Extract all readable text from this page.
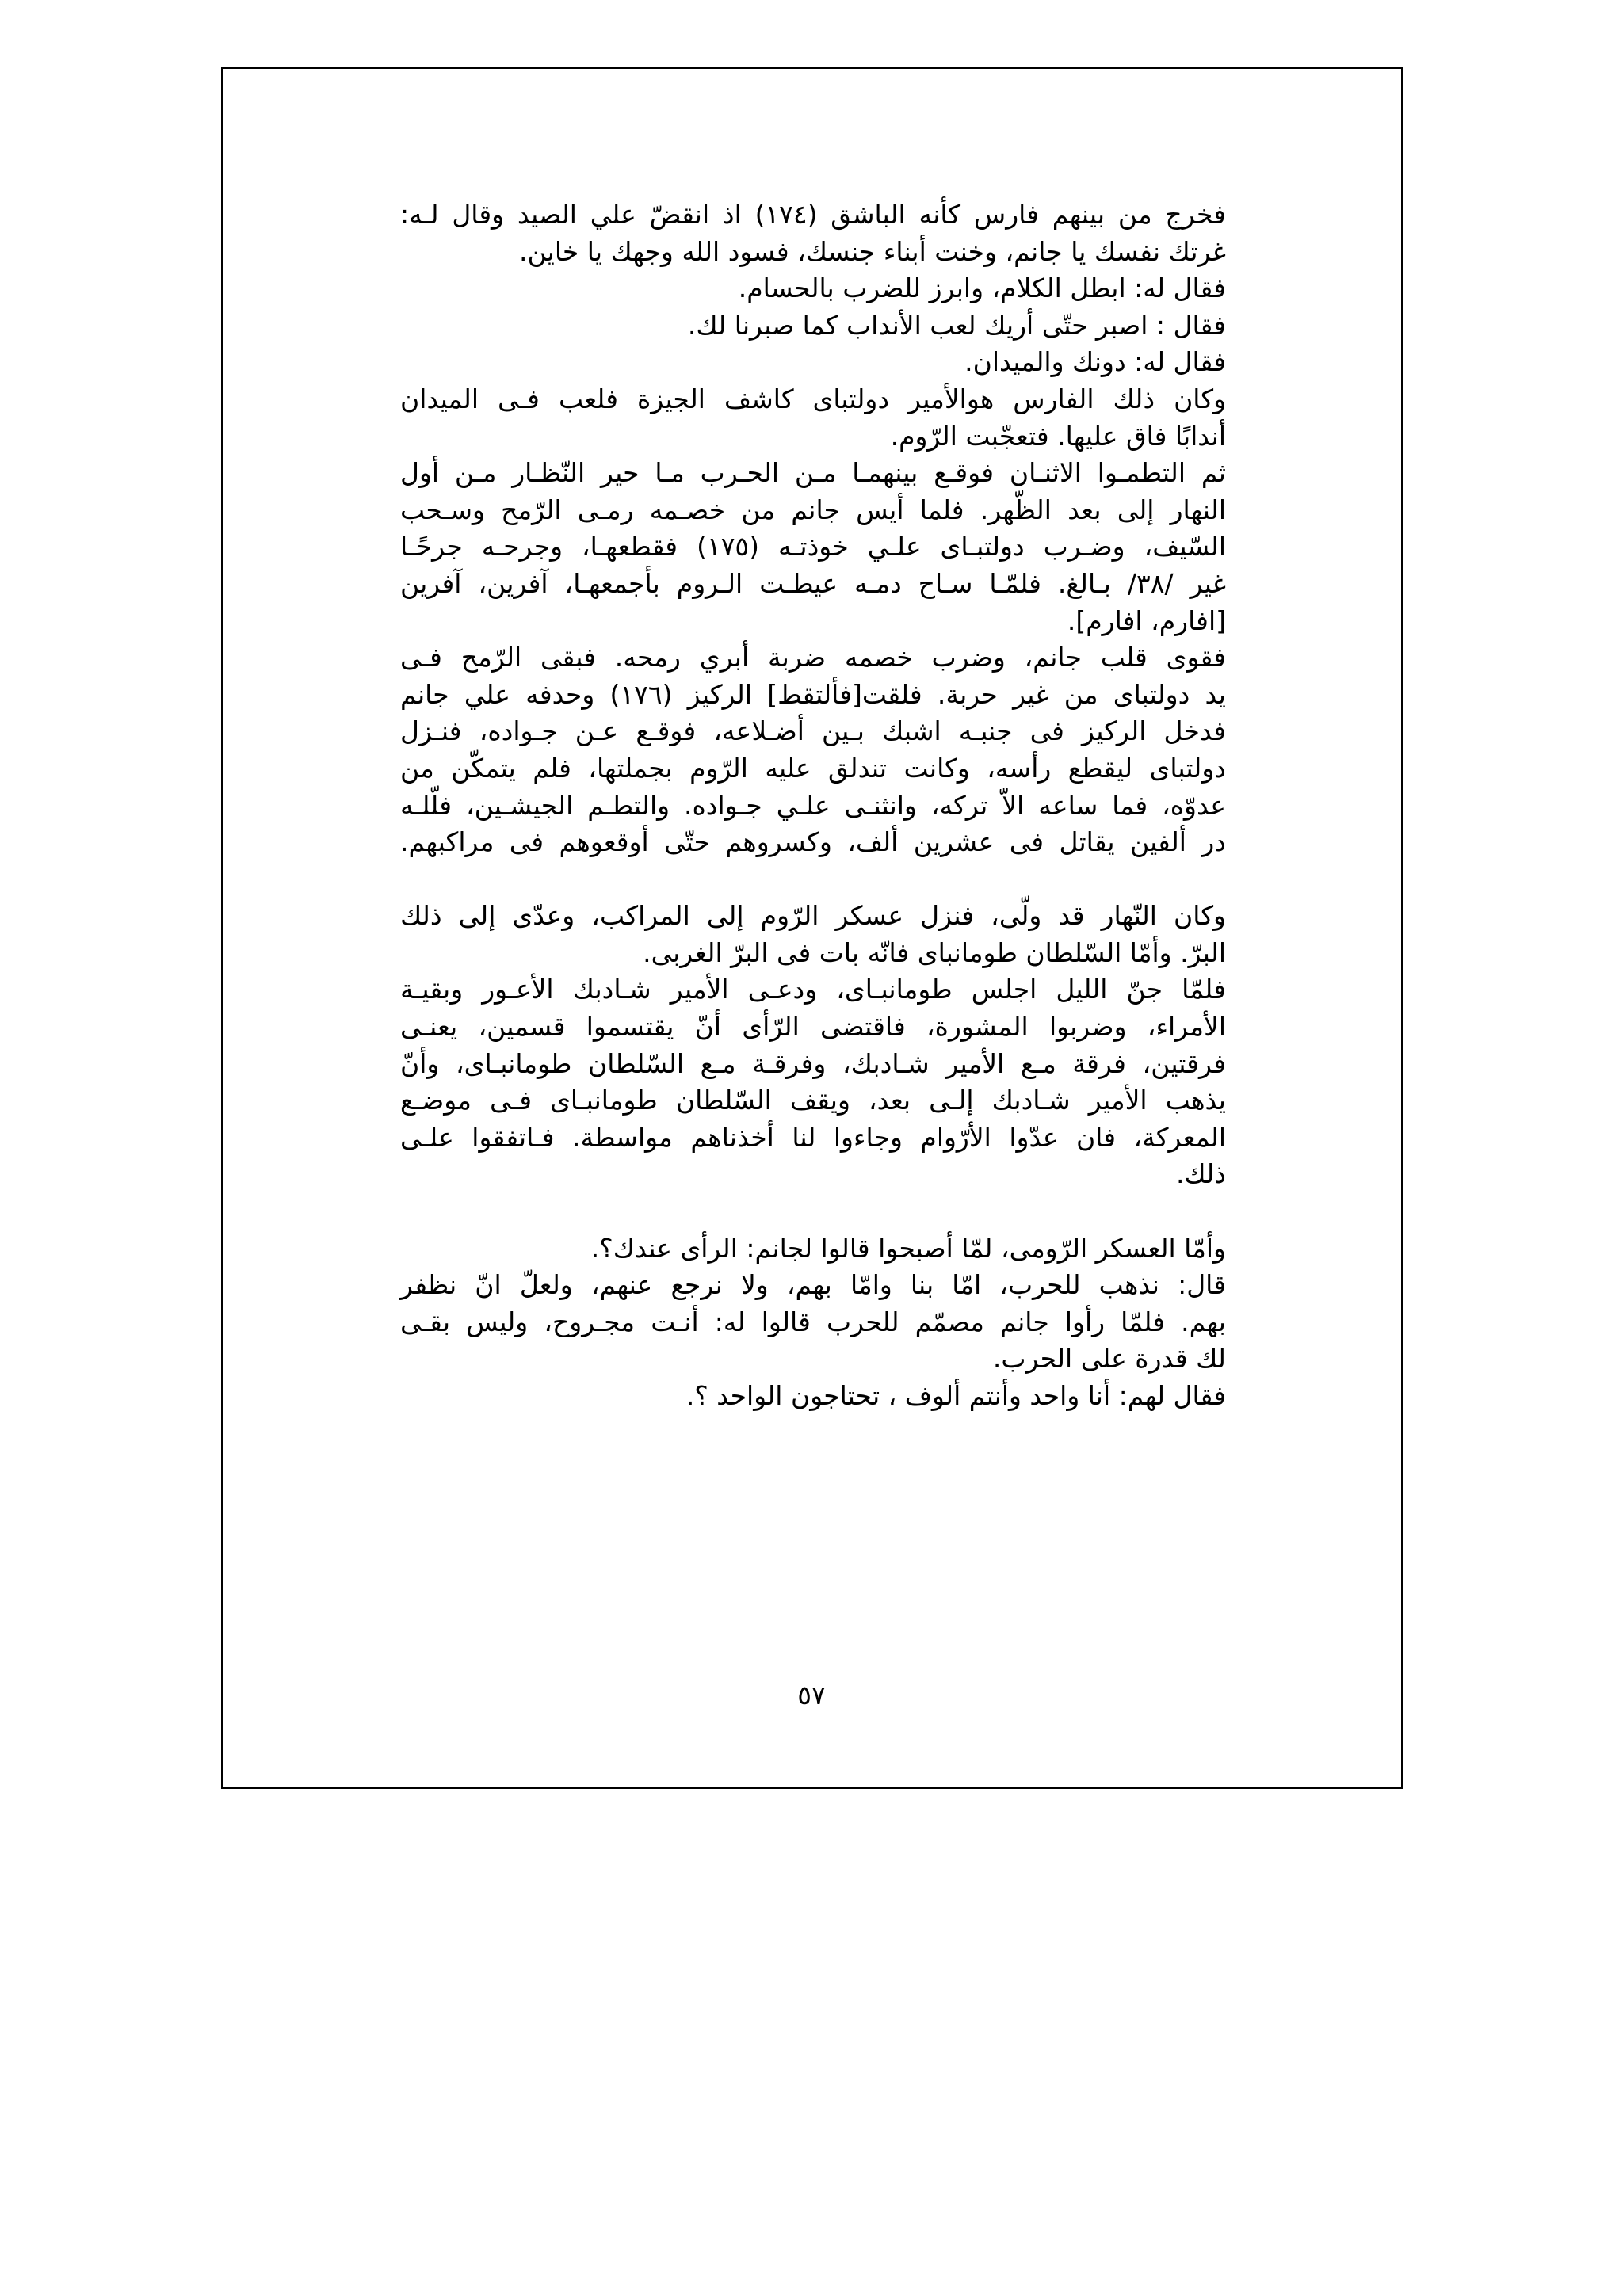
فخرج من بينهم فارس كأنه الباشق (١٧٤) اذ انقضّ علي الصيد وقال لـه:
غرتك نفسك يا جانم، وخنت أبناء جنسك، فسود الله وجهك يا خاين.
فقال له: ابطل الكلام، وابرز للضرب بالحسام.
فقال : اصبر حتّى أريك لعب الأنداب كما صبرنا لك.
فقال له: دونك والميدان.
وكان ذلك الفارس هوالأمير دولتباى كاشف الجيزة فلعب فـى الميدان
أندابًا فاق عليها. فتعجّبت الرّوم.
ثم التطمـوا الاثنـان فوقـع بينهمـا مـن الحـرب مـا حير النّظـار مـن أول
النهار إلى بعد الظّهر. فلما أيس جانم من خصـمه رمـى الرّمح وسـحب
السّيف، وضـرب دولتبـاى علـي خوذتـه (١٧٥) فقطعهـا، وجرحـه جرحًـا
غير /٣٨/ بـالغ. فلمّـا سـاح دمـه عيطـت الـروم بأجمعهـا، آفرين، آفرين
[افارم، افارم].
فقوى قلب جانم، وضرب خصمه ضربة أبري رمحه. فبقى الرّمح فـى
يد دولتباى من غير حربة. فلقت[فألتقط] الركيز (١٧٦) وحدفه علي جانم
فدخل الركيز فى جنبـه اشبك بـين أضـلاعه، فوقـع عـن جـواده، فنـزل
دولتباى ليقطع رأسه، وكانت تندلق عليه الرّوم بجملتها، فلم يتمكّن من
عدوّه، فما ساعه الاّ تركه، وانثنـى علـي جـواده. والتطـم الجيشـين، فلّلـه
در ألفين يقاتل فى عشرين ألف، وكسروهم حتّى أوقعوهم فى مراكبهم.
وكان النّهار قد ولّى، فنزل عسكر الرّوم إلى المراكب، وعدّى إلى ذلك
البرّ. وأمّا السّلطان طومانباى فانّه بات فى البرّ الغربى.
فلمّا جنّ الليل اجلس طومانبـاى، ودعـى الأمير شـادبك الأعـور وبقيـة
الأمراء، وضربوا المشورة، فاقتضى الرّأى أنّ يقتسموا قسمين، يعنـى
فرقتين، فرقة مـع الأمير شـادبك، وفرقـة مـع السّلطان طومانبـاى، وأنّ
يذهب الأمير شـادبك إلـى بعد، ويقف السّلطان طومانبـاى فـى موضـع
المعركة، فان عدّوا الأرّوام وجاءوا لنا أخذناهم مواسطة. فـاتفقوا علـى
ذلك.
وأمّا العسكر الرّومى، لمّا أصبحوا قالوا لجانم: الرأى عندك؟.
قال: نذهب للحرب، امّا بنا وامّا بهم، ولا نرجع عنهم، ولعلّ انّ نظفر
بهم. فلمّا رأوا جانم مصمّم للحرب قالوا له: أنـت مجـروح، وليس بقـى
لك قدرة على الحرب.
فقال لهم: أنا واحد وأنتم ألوف ، تحتاجون الواحد ؟.
٥٧
